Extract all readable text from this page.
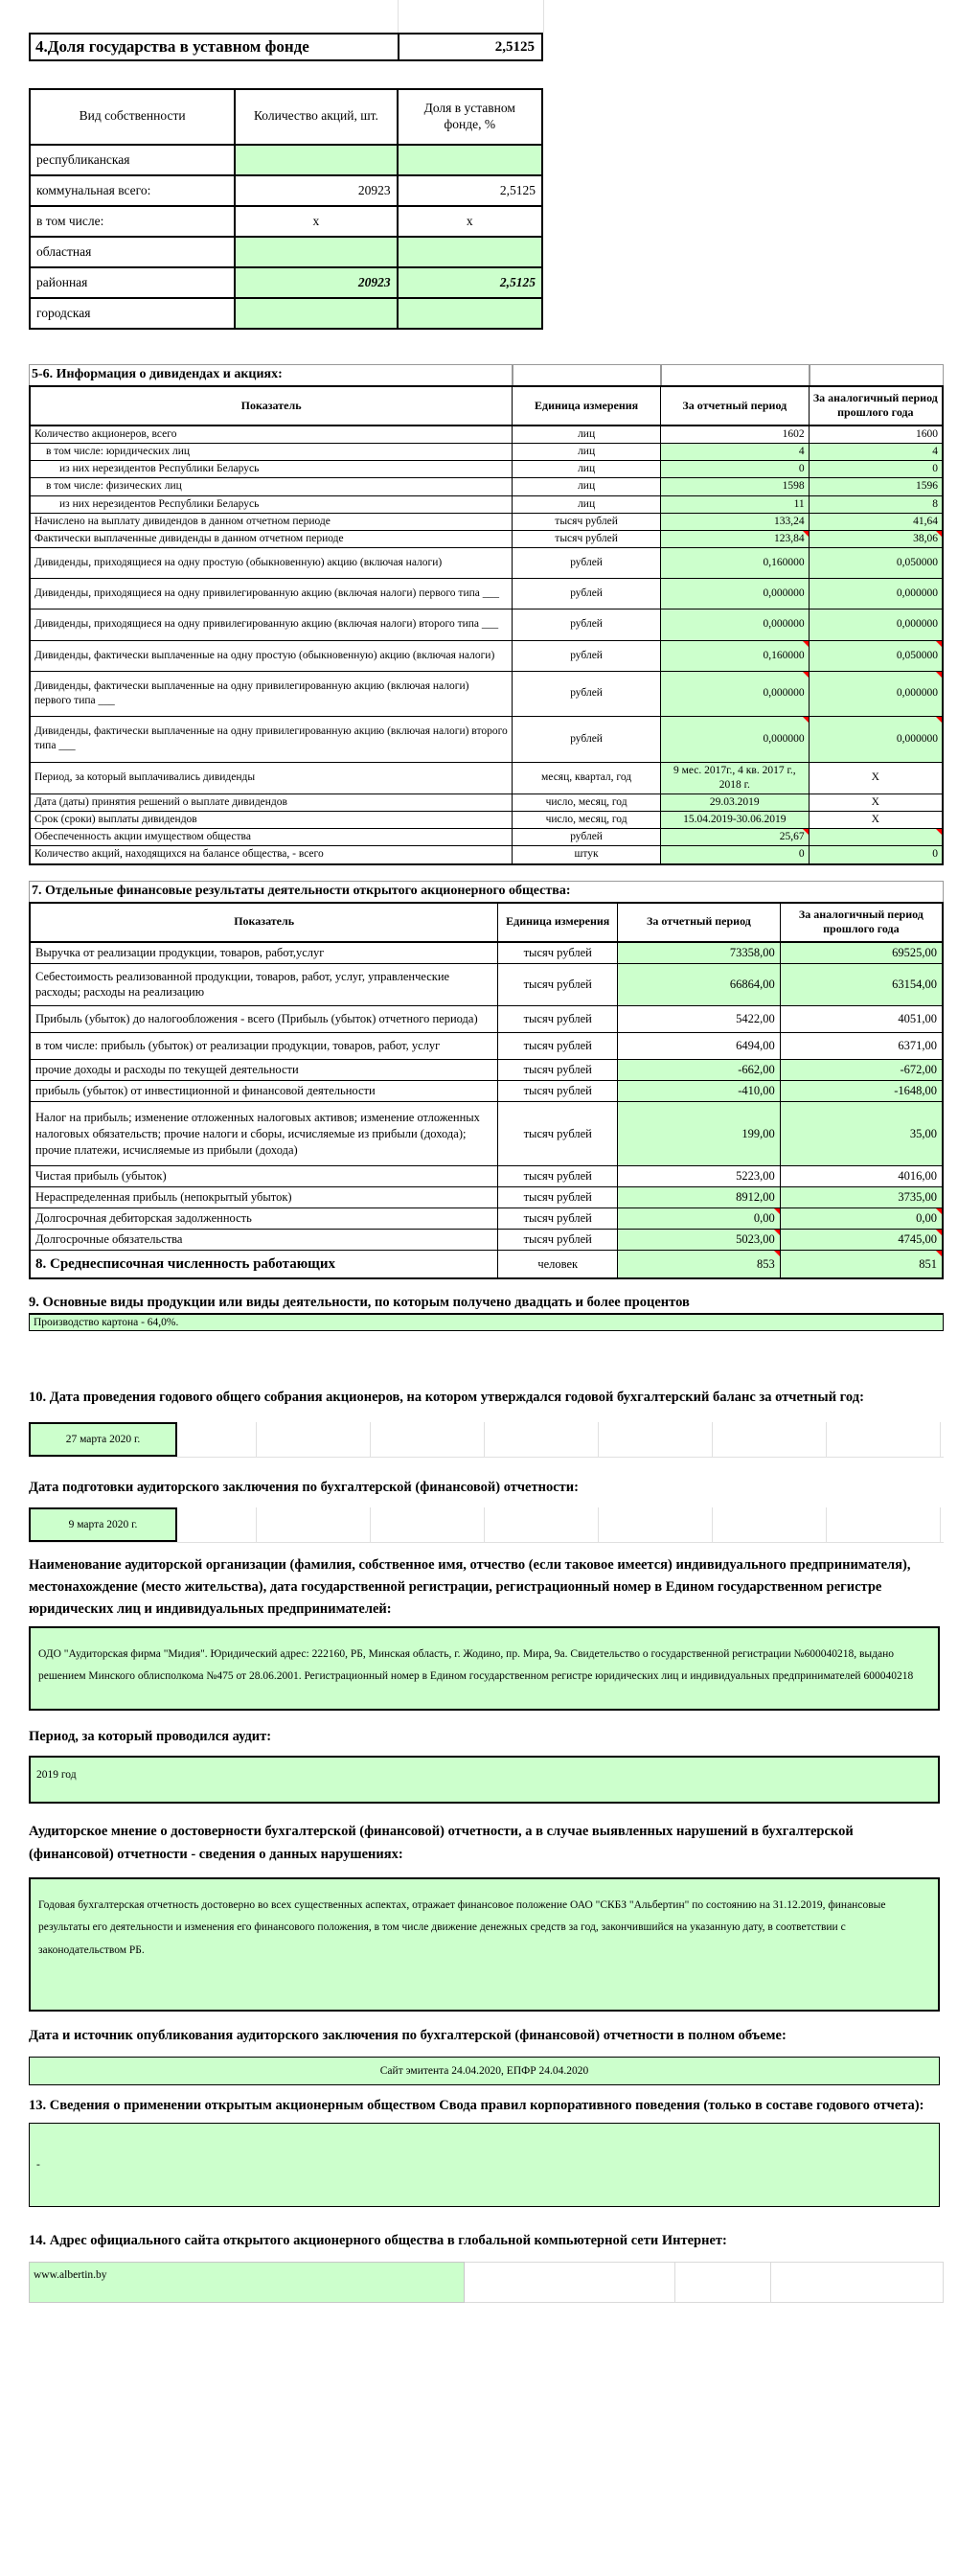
4.Доля государства в уставном фонде	2,5125
Вид собственности	Количество акций, шт.	Доля в уставном фонде, %
республиканская		
коммунальная всего:	20923	2,5125
в том числе:	x	x
областная		
районная	20923	2,5125
городская		
5-6. Информация о дивидендах и акциях:
Показатель	Единица измерения	За отчетный период	За аналогичный период прошлого года
Количество акционеров, всего	лиц	1602	1600
в том числе: юридических лиц	лиц	4	4
из них нерезидентов Республики Беларусь	лиц	0	0
в том числе: физических лиц	лиц	1598	1596
из них нерезидентов Республики Беларусь	лиц	11	8
Начислено на выплату дивидендов в данном отчетном периоде	тысяч рублей	133,24	41,64
Фактически выплаченные дивиденды в данном отчетном периоде	тысяч рублей	123,84	38,06
Дивиденды, приходящиеся на одну простую (обыкновенную) акцию (включая налоги)	рублей	0,160000	0,050000
Дивиденды, приходящиеся на одну привилегированную акцию (включая налоги) первого типа ___	рублей	0,000000	0,000000
Дивиденды, приходящиеся на одну привилегированную акцию (включая налоги) второго типа ___	рублей	0,000000	0,000000
Дивиденды, фактически выплаченные на одну простую (обыкновенную) акцию (включая налоги)	рублей	0,160000	0,050000
Дивиденды, фактически выплаченные на одну привилегированную акцию (включая налоги) первого типа ___	рублей	0,000000	0,000000
Дивиденды, фактически выплаченные на одну привилегированную акцию (включая налоги) второго типа ___	рублей	0,000000	0,000000
Период, за который выплачивались дивиденды	месяц, квартал, год	9 мес. 2017г., 4 кв. 2017 г., 2018 г.	Х
Дата (даты) принятия решений о выплате дивидендов	число, месяц, год	29.03.2019	Х
Срок (сроки) выплаты дивидендов	число, месяц, год	15.04.2019-30.06.2019	Х
Обеспеченность акции имуществом общества	рублей	25,67	
Количество акций, находящихся на балансе общества, - всего	штук	0	0
7. Отдельные финансовые результаты деятельности открытого акционерного общества:
Показатель	Единица измерения	За отчетный период	За аналогичный период прошлого года
Выручка от реализации продукции, товаров, работ,услуг	тысяч рублей	73358,00	69525,00
Себестоимость реализованной продукции, товаров, работ, услуг, управленческие расходы; расходы на реализацию	тысяч рублей	66864,00	63154,00
Прибыль (убыток) до налогообложения - всего (Прибыль (убыток) отчетного периода)	тысяч рублей	5422,00	4051,00
в том числе: прибыль (убыток) от реализации продукции, товаров, работ, услуг	тысяч рублей	6494,00	6371,00
прочие доходы и расходы по текущей деятельности	тысяч рублей	-662,00	-672,00
прибыль (убыток) от инвестиционной и финансовой деятельности	тысяч рублей	-410,00	-1648,00
Налог на прибыль; изменение отложенных налоговых активов; изменение отложенных налоговых обязательств; прочие налоги и сборы, исчисляемые из прибыли (дохода); прочие платежи, исчисляемые из прибыли (дохода)	тысяч рублей	199,00	35,00
Чистая прибыль (убыток)	тысяч рублей	5223,00	4016,00
Нераспределенная прибыль (непокрытый убыток)	тысяч рублей	8912,00	3735,00
Долгосрочная дебиторская задолженность	тысяч рублей	0,00	0,00
Долгосрочные обязательства	тысяч рублей	5023,00	4745,00
8. Среднесписочная численность работающих	человек	853	851
9. Основные виды продукции или виды деятельности, по которым получено двадцать и более процентов
Производство картона - 64,0%.
10. Дата проведения годового общего собрания акционеров, на котором утверждался годовой бухгалтерский баланс за отчетный год:
27 марта 2020 г.
Дата подготовки аудиторского заключения по бухгалтерской (финансовой) отчетности:
9 марта 2020 г.
Наименование аудиторской организации (фамилия, собственное имя, отчество (если таковое имеется) индивидуального предпринимателя), местонахождение (место жительства), дата государственной регистрации, регистрационный номер в Едином государственном регистре юридических лиц и индивидуальных предпринимателей:
ОДО "Аудиторская фирма "Мидия". Юридический адрес: 222160, РБ, Минская область, г. Жодино, пр. Мира, 9а. Свидетельство о государственной регистрации №600040218, выдано решением Минского облисполкома №475 от 28.06.2001. Регистрационный номер в Едином государственном регистре юридических лиц и индивидуальных предпринимателей 600040218
Период, за который проводился аудит:
2019 год
Аудиторское мнение о достоверности бухгалтерской (финансовой) отчетности, а в случае выявленных нарушений в бухгалтерской (финансовой) отчетности - сведения о данных нарушениях:
Годовая бухгалтерская отчетность достоверно во всех существенных аспектах, отражает финансовое положение ОАО "СКБЗ "Альбертин" по состоянию на 31.12.2019, финансовые результаты его деятельности и изменения его финансового положения, в том числе движение денежных средств за год, закончившийся на указанную дату, в соответствии с законодательством РБ.
Дата и источник опубликования аудиторского заключения по бухгалтерской (финансовой) отчетности в полном объеме:
Сайт эмитента 24.04.2020, ЕПФР 24.04.2020
13. Сведения о применении открытым акционерным обществом Свода правил корпоративного поведения (только в составе годового отчета):
-
14. Адрес официального сайта открытого акционерного общества в глобальной компьютерной сети Интернет:
www.albertin.by
